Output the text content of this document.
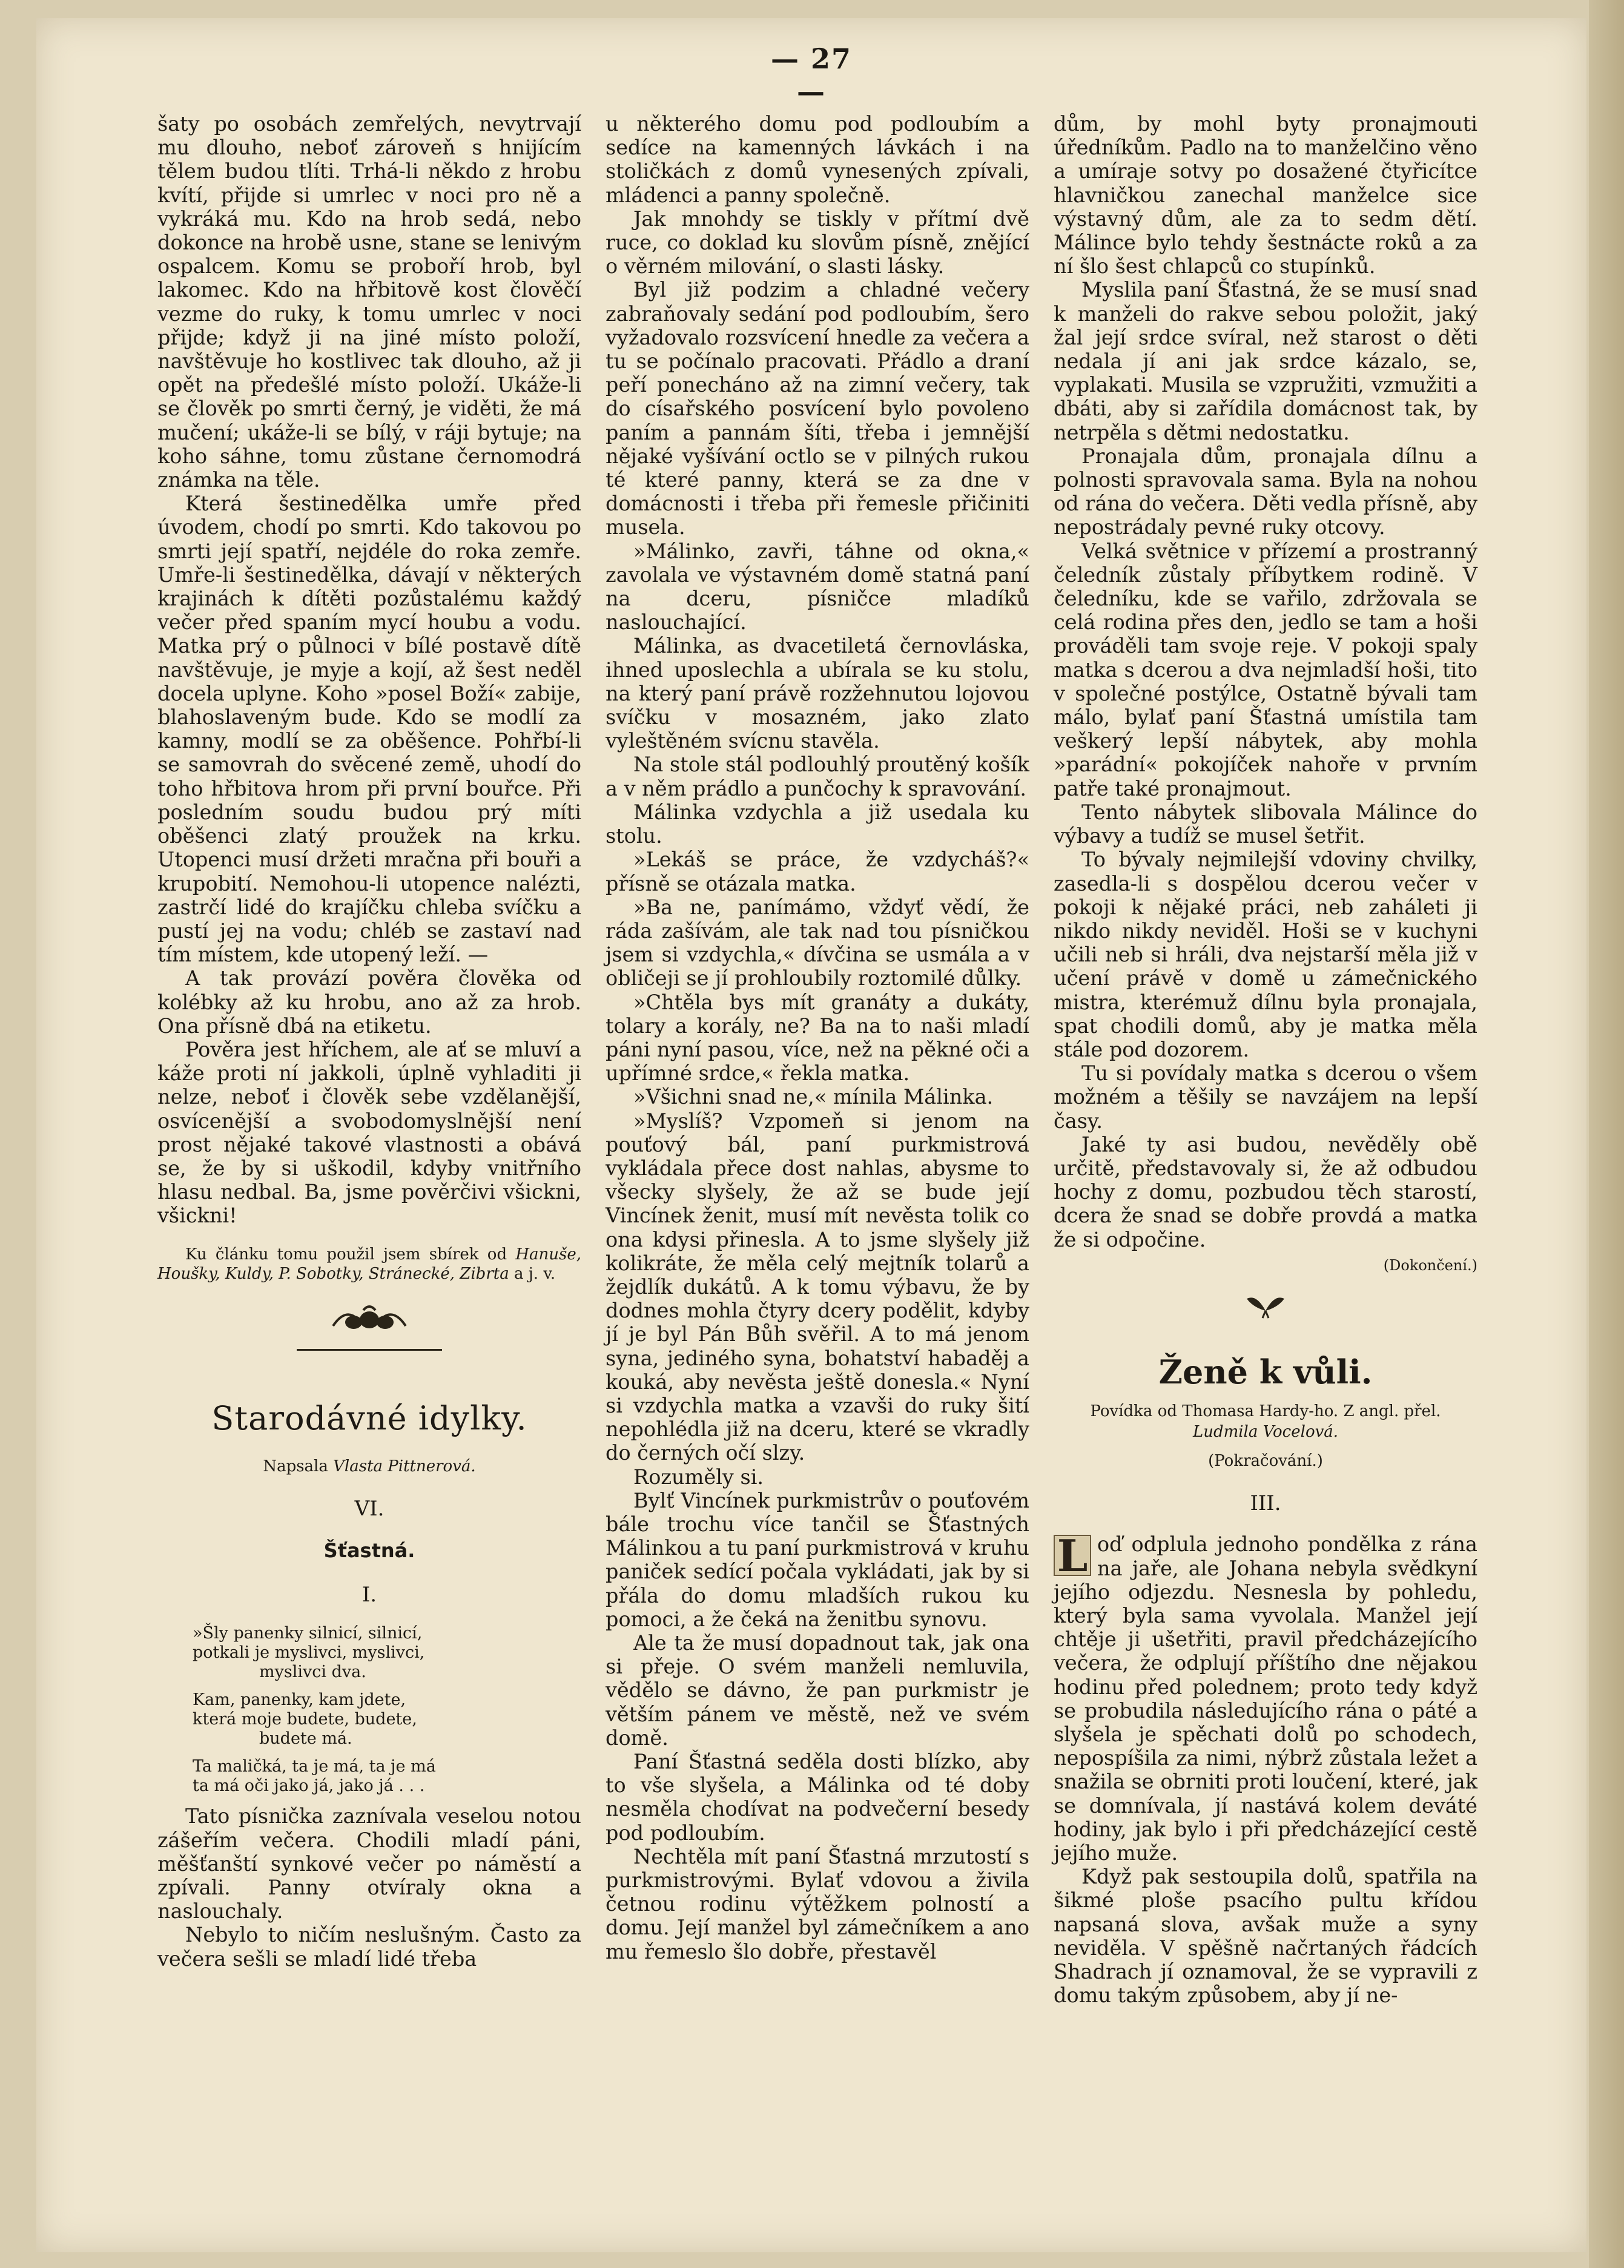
— 27 —

šaty po osobách zemřelých, nevytrvají mu dlouho, neboť zároveň s hnijícím tělem budou tlíti. Trhá-li někdo z hrobu kvítí, přijde si umrlec v noci pro ně a vykráká mu. Kdo na hrob sedá, nebo dokonce na hrobě usne, stane se lenivým ospalcem. Komu se proboří hrob, byl lakomec. Kdo na hřbitově kost člověčí vezme do ruky, k tomu umrlec v noci přijde; když ji na jiné místo položí, navštěvuje ho kostlivec tak dlouho, až ji opět na předešlé místo položí. Ukáže-li se člověk po smrti černý, je viděti, že má mučení; ukáže-li se bílý, v ráji bytuje; na koho sáhne, tomu zůstane černomodrá známka na těle.

Která šestinedělka umře před úvodem, chodí po smrti. Kdo takovou po smrti její spatří, nejdéle do roka zemře. Umře-li šestinedělka, dávají v některých krajinách k dítěti pozůstalému každý večer před spaním mycí houbu a vodu. Matka prý o půlnoci v bílé postavě dítě navštěvuje, je myje a kojí, až šest neděl docela uplyne. Koho »posel Boží« zabije, blahoslaveným bude. Kdo se modlí za kamny, modlí se za oběšence. Pohřbí-li se samovrah do svěcené země, uhodí do toho hřbitova hrom při první bouřce. Při posledním soudu budou prý míti oběšenci zlatý proužek na krku. Utopenci musí držeti mračna při bouři a krupobití. Nemohou-li utopence nalézti, zastrčí lidé do krajíčku chleba svíčku a pustí jej na vodu; chléb se zastaví nad tím místem, kde utopený leží. —

A tak provází pověra člověka od kolébky až ku hrobu, ano až za hrob. Ona přísně dbá na etiketu.

Pověra jest hříchem, ale ať se mluví a káže proti ní jakkoli, úplně vyhladiti ji nelze, neboť i člověk sebe vzdělanější, osvícenější a svobodomyslnější není prost nějaké takové vlastnosti a obává se, že by si uškodil, kdyby vnitřního hlasu nedbal. Ba, jsme pověrčivi všickni, všickni!

Ku článku tomu použil jsem sbírek od Hanuše, Houšky, Kuldy, P. Sobotky, Stránecké, Zibrta a j. v.

Starodávné idylky.
Napsala Vlasta Pittnerová.
VI.
Šťastná.
I.
»Šly panenky silnicí, silnicí,
potkali je myslivci, myslivci,
myslivci dva.
Kam, panenky, kam jdete,
která moje budete, budete,
budete má.
Ta maličká, ta je má, ta je má
ta má oči jako já, jako já . . .

Tato písnička zaznívala veselou notou zášeřím večera. Chodili mladí páni, měšťanští synkové večer po náměstí a zpívali. Panny otvíraly okna a naslouchaly.

Nebylo to ničím neslušným. Často za večera sešli se mladí lidé třeba

u některého domu pod podloubím a sedíce na kamenných lávkách i na stoličkách z domů vynesených zpívali, mládenci a panny společně.

Jak mnohdy se tiskly v přítmí dvě ruce, co doklad ku slovům písně, znějící o věrném milování, o slasti lásky.

Byl již podzim a chladné večery zabraňovaly sedání pod podloubím, šero vyžadovalo rozsvícení hnedle za večera a tu se počínalo pracovati. Přádlo a draní peří ponecháno až na zimní večery, tak do císařského posvícení bylo povoleno paním a pannám šíti, třeba i jemnější nějaké vyšívání octlo se v pilných rukou té které panny, která se za dne v domácnosti i třeba při řemesle přičiniti musela.

»Málinko, zavři, táhne od okna,« zavolala ve výstavném domě statná paní na dceru, písničce mladíků naslouchající.

Málinka, as dvacetiletá černovláska, ihned uposlechla a ubírala se ku stolu, na který paní právě rozžehnutou lojovou svíčku v mosazném, jako zlato vyleštěném svícnu stavěla.

Na stole stál podlouhlý proutěný košík a v něm prádlo a punčochy k spravování.

Málinka vzdychla a již usedala ku stolu.

»Lekáš se práce, že vzdycháš?« přísně se otázala matka.

»Ba ne, panímámo, vždyť vědí, že ráda zašívám, ale tak nad tou písničkou jsem si vzdychla,« dívčina se usmála a v obličeji se jí prohloubily roztomilé důlky.

»Chtěla bys mít granáty a dukáty, tolary a korály, ne? Ba na to naši mladí páni nyní pasou, více, než na pěkné oči a upřímné srdce,« řekla matka.

»Všichni snad ne,« mínila Málinka.

»Myslíš? Vzpomeň si jenom na pouťový bál, paní purkmistrová vykládala přece dost nahlas, abysme to všecky slyšely, že až se bude její Vincínek ženit, musí mít nevěsta tolik co ona kdysi přinesla. A to jsme slyšely již kolikráte, že měla celý mejtník tolarů a žejdlík dukátů. A k tomu výbavu, že by dodnes mohla čtyry dcery podělit, kdyby jí je byl Pán Bůh svěřil. A to má jenom syna, jediného syna, bohatství habaděj a kouká, aby nevěsta ještě donesla.« Nyní si vzdychla matka a vzavši do ruky šití nepohlédla již na dceru, které se vkradly do černých očí slzy.

Rozuměly si.

Bylť Vincínek purkmistrův o pouťovém bále trochu více tančil se Šťastných Málinkou a tu paní purkmistrová v kruhu paniček sedící počala vykládati, jak by si přála do domu mladších rukou ku pomoci, a že čeká na ženitbu synovu.

Ale ta že musí dopadnout tak, jak ona si přeje. O svém manželi nemluvila, vědělo se dávno, že pan purkmistr je větším pánem ve městě, než ve svém domě.

Paní Šťastná seděla dosti blízko, aby to vše slyšela, a Málinka od té doby nesměla chodívat na podvečerní besedy pod podloubím.

Nechtěla mít paní Šťastná mrzutostí s purkmistrovými. Bylať vdovou a živila četnou rodinu výtěžkem polností a domu. Její manžel byl zámečníkem a ano mu řemeslo šlo dobře, přestavěl

dům, by mohl byty pronajmouti úředníkům. Padlo na to manželčino věno a umíraje sotvy po dosažené čtyřicítce hlavničkou zanechal manželce sice výstavný dům, ale za to sedm dětí. Málince bylo tehdy šestnácte roků a za ní šlo šest chlapců co stupínků.

Myslila paní Šťastná, že se musí snad k manželi do rakve sebou položit, jaký žal její srdce svíral, než starost o děti nedala jí ani jak srdce kázalo, se, vyplakati. Musila se vzpružiti, vzmužiti a dbáti, aby si zařídila domácnost tak, by netrpěla s dětmi nedostatku.

Pronajala dům, pronajala dílnu a polnosti spravovala sama. Byla na nohou od rána do večera. Děti vedla přísně, aby nepostrádaly pevné ruky otcovy.

Velká světnice v přízemí a prostranný čeledník zůstaly příbytkem rodině. V čeledníku, kde se vařilo, zdržovala se celá rodina přes den, jedlo se tam a hoši prováděli tam svoje reje. V pokoji spaly matka s dcerou a dva nejmladší hoši, tito v společné postýlce, Ostatně bývali tam málo, bylať paní Šťastná umístila tam veškerý lepší nábytek, aby mohla »parádní« pokojíček nahoře v prvním patře také pronajmout.

Tento nábytek slibovala Málince do výbavy a tudíž se musel šetřit.

To bývaly nejmilejší vdoviny chvilky, zasedla-li s dospělou dcerou večer v pokoji k nějaké práci, neb zaháleti ji nikdo nikdy neviděl. Hoši se v kuchyni učili neb si hráli, dva nejstarší měla již v učení právě v domě u zámečnického mistra, kterémuž dílnu byla pronajala, spat chodili domů, aby je matka měla stále pod dozorem.

Tu si povídaly matka s dcerou o všem možném a těšily se navzájem na lepší časy.

Jaké ty asi budou, nevěděly obě určitě, představovaly si, že až odbudou hochy z domu, pozbudou těch starostí, dcera že snad se dobře provdá a matka že si odpočine.

(Dokončení.)
Ženě k vůli.
Povídka od Thomasa Hardy-ho. Z angl. přel.
Ludmila Vocelová.
(Pokračování.)
III.

L oď odplula jednoho pondělka z rána na jaře, ale Johana nebyla svědkyní jejího odjezdu. Nesnesla by pohledu, který byla sama vyvolala. Manžel její chtěje ji ušetřiti, pravil předcházejícího večera, že odplují příštího dne nějakou hodinu před polednem; proto tedy když se probudila následujícího rána o páté a slyšela je spěchati dolů po schodech, nepospíšila za nimi, nýbrž zůstala ležet a snažila se obrniti proti loučení, které, jak se domnívala, jí nastává kolem deváté hodiny, jak bylo i při předcházející cestě jejího muže.

Když pak sestoupila dolů, spatřila na šikmé ploše psacího pultu křídou napsaná slova, avšak muže a syny neviděla. V spěšně načrtaných řádcích Shadrach jí oznamoval, že se vypravili z domu takým způsobem, aby jí ne-
